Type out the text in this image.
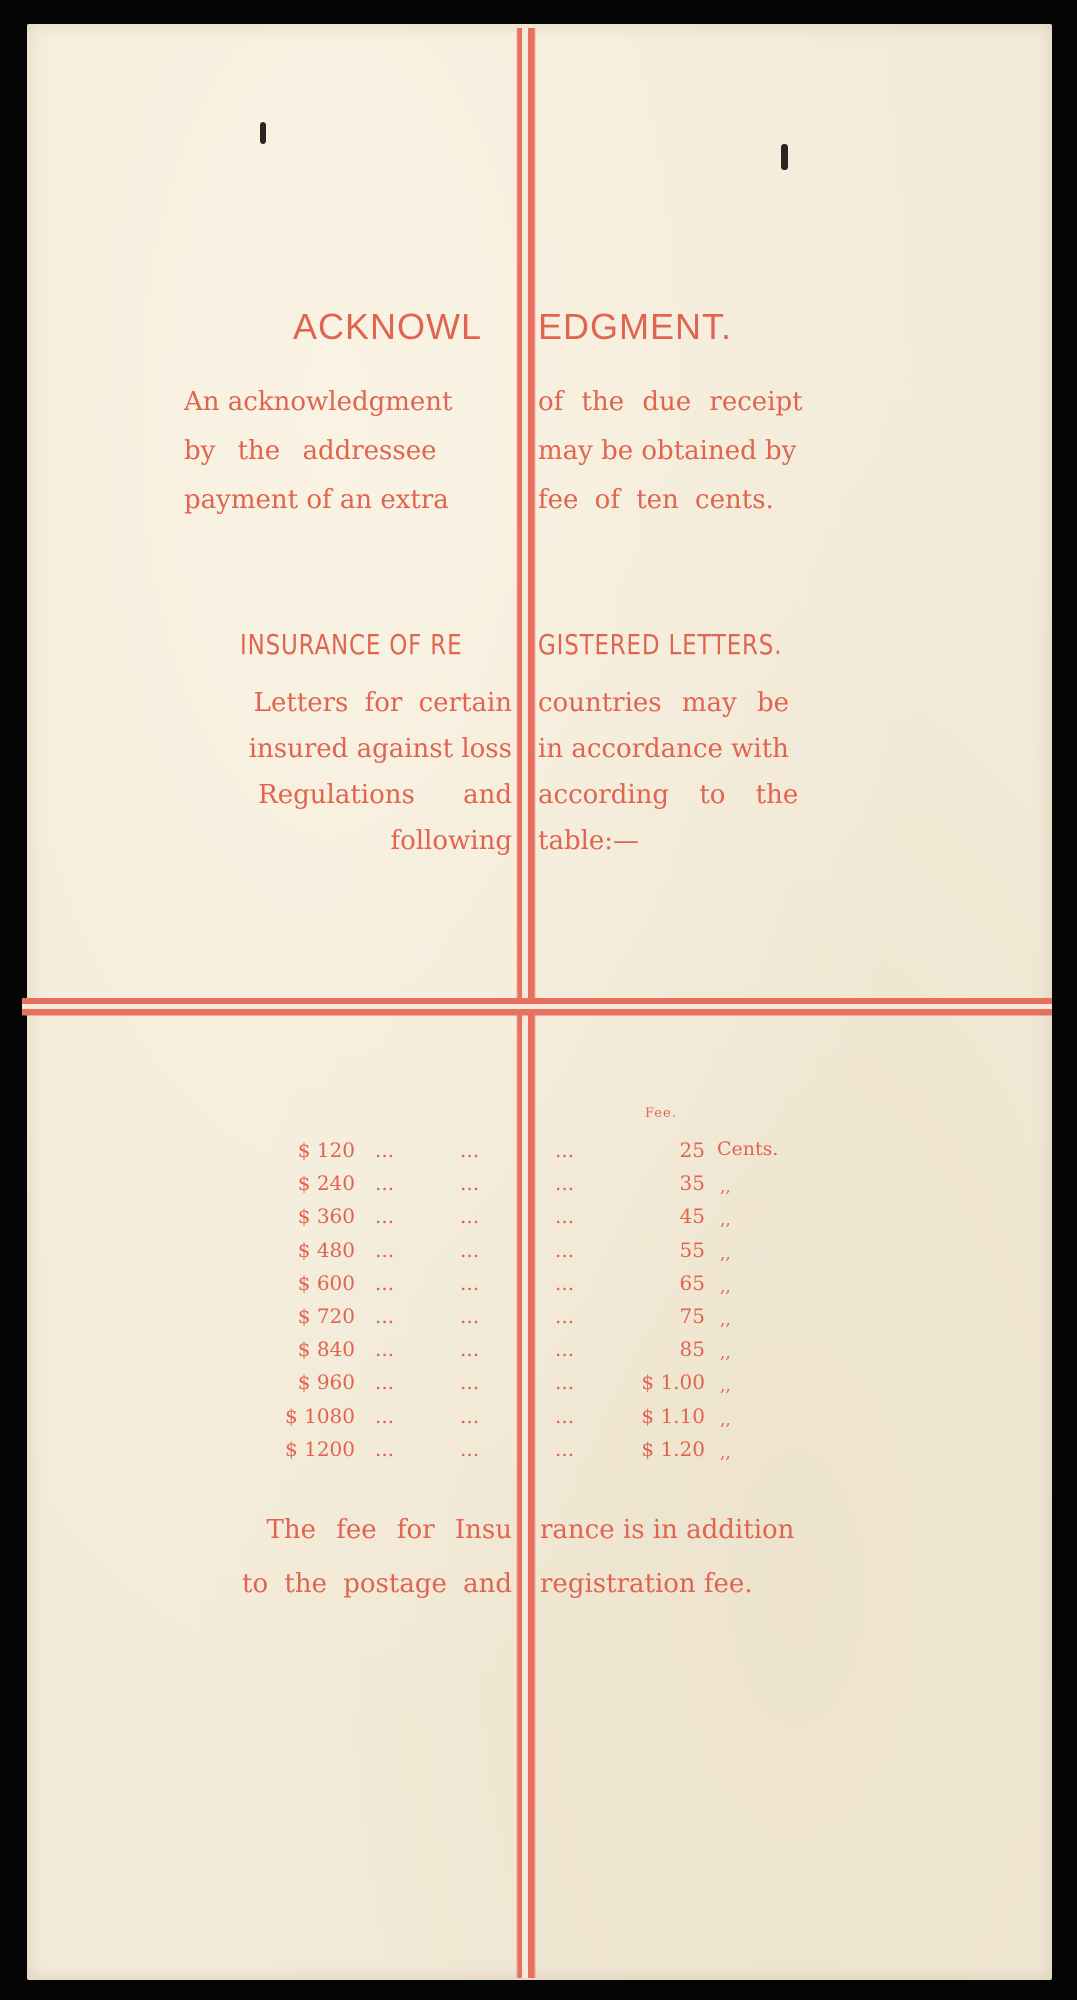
ACKNOWL EDGMENT.
An acknowledgment
by the addressee
payment of an extra
of the due receipt
may be obtained by
fee of ten cents.
INSURANCE OF RE	GISTERED LETTERS.
Letters for certain
insured against loss
Regulations and
following
countries may be
in accordance with
according to the
table:—
Fee.
$ 120 ...	...	...	25 Cents.
$ 240 ...	...	...	35 ,,
$ 360 ...	...	...	45 ,,
$ 480 ...	...	...	55 ,,
$ 600 ...	...	...	65 ,,
$ 720 ...	...	...	75 ,,
$ 840 ...	...	...	85 ,,
$ 960 ...	...	...	$ 1.00 ,,
$ 1080 ...	...	...	$ 1.10 ,,
$ 1200 ...	...	...	$ 1.20 ,,
The fee for Insu
to the postage and
rance is in addition
registration fee.
